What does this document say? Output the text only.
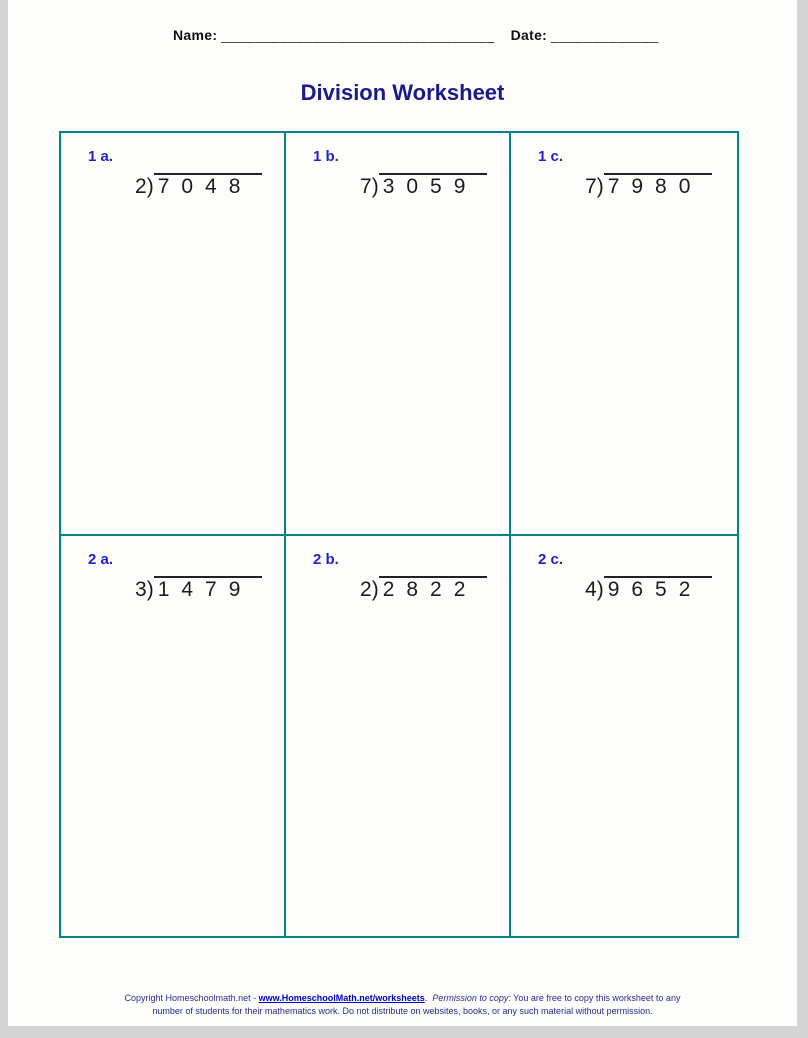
Name: _________________________________ Date: _____________
Division Worksheet
1 a.
2) 7048
1 b.
7) 3059
1 c.
7) 7980
2 a.
3) 1479
2 b.
2) 2822
2 c.
4) 9652
Copyright Homeschoolmath.net - www.HomeschoolMath.net/worksheets.  Permission to copy: You are free to copy this worksheet to any
number of students for their mathematics work. Do not distribute on websites, books, or any such material without permission.
